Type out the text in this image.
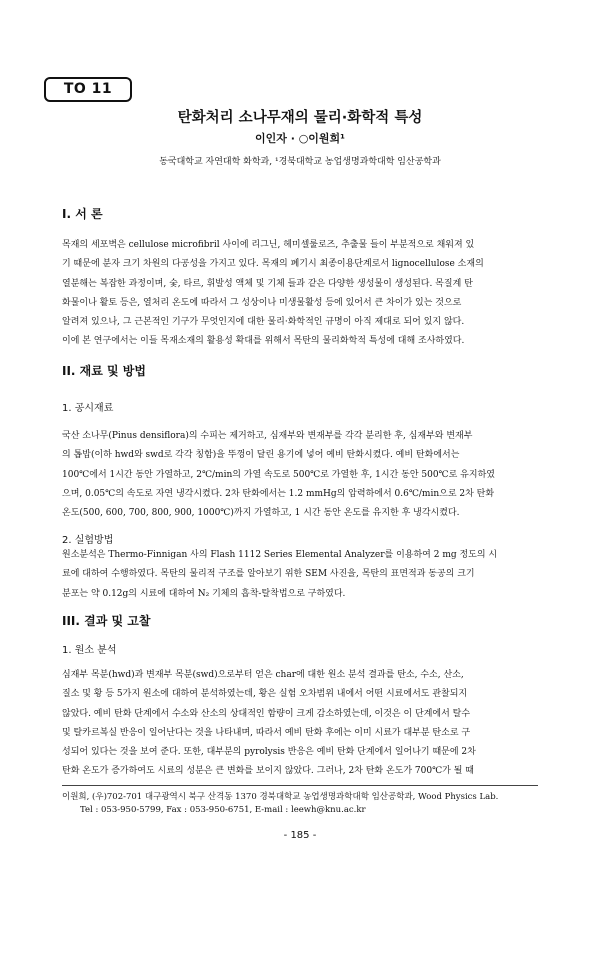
TO 11
탄화처리 소나무재의 물리·화학적 특성
이인자 · ○이원희¹
동국대학교 자연대학 화학과, ¹경북대학교 농업생명과학대학 임산공학과
I. 서 론

목재의 세포벽은 cellulose microfibril 사이에 리그닌, 헤미셀룰로즈, 추출물 들이 부분적으로 채워져 있

기 때문에 분자 크기 차원의 다공성을 가지고 있다. 목재의 폐기시 최종이용단계로서 lignocellulose 소재의

열분해는 복잡한 과정이며, 숯, 타르, 휘발성 액체 및 기체 들과 같은 다양한 생성물이 생성된다. 목질계 탄

화물이나 활토 등은, 열처리 온도에 따라서 그 성상이나 미생물활성 등에 있어서 큰 차이가 있는 것으로

알려져 있으나, 그 근본적인 기구가 무엇인지에 대한 물리·화학적인 규명이 아직 제대로 되어 있지 않다.

이에 본 연구에서는 이들 목재소재의 활용성 확대를 위해서 목탄의 물리화학적 특성에 대해 조사하였다.

II. 재료 및 방법
1. 공시재료

국산 소나무(Pinus densiflora)의 수피는 제거하고, 심재부와 변재부를 각각 분리한 후, 심재부와 변재부

의 톱밥(이하 hwd와 swd로 각각 칭함)을 뚜껑이 달린 용기에 넣어 예비 탄화시켰다. 예비 탄화에서는

100℃에서 1시간 동안 가열하고, 2℃/min의 가열 속도로 500℃로 가열한 후, 1시간 동안 500℃로 유지하였

으며, 0.05℃의 속도로 자연 냉각시켰다. 2차 탄화에서는 1.2 mmHg의 압력하에서 0.6℃/min으로 2차 탄화

온도(500, 600, 700, 800, 900, 1000℃)까지 가열하고, 1 시간 동안 온도를 유지한 후 냉각시켰다.

2. 실험방법

원소분석은 Thermo-Finnigan 사의 Flash 1112 Series Elemental Analyzer를 이용하여 2 mg 정도의 시

료에 대하여 수행하였다. 목탄의 물리적 구조를 알아보기 위한 SEM 사진을, 목탄의 표면적과 동공의 크기

분포는 약 0.12g의 시료에 대하여 N₂ 기체의 흡착-탈착법으로 구하였다.

III. 결과 및 고찰
1. 원소 분석

심재부 목분(hwd)과 변재부 목분(swd)으로부터 얻은 char에 대한 원소 분석 결과를 탄소, 수소, 산소,

질소 및 황 등 5가지 원소에 대하여 분석하였는데, 황은 실험 오차범위 내에서 어떤 시료에서도 관찰되지

않았다. 예비 탄화 단계에서 수소와 산소의 상대적인 함량이 크게 감소하였는데, 이것은 이 단계에서 탈수

및 탈카르복실 반응이 일어난다는 것을 나타내며, 따라서 예비 탄화 후에는 이미 시료가 대부분 탄소로 구

성되어 있다는 것을 보여 준다. 또한, 대부분의 pyrolysis 반응은 예비 탄화 단계에서 일어나기 때문에 2차

탄화 온도가 증가하여도 시료의 성분은 큰 변화를 보이지 않았다. 그러나, 2차 탄화 온도가 700℃가 될 때

이원희, (우)702-701 대구광역시 북구 산격동 1370 경북대학교 농업생명과학대학 임산공학과, Wood Physics Lab.
Tel : 053-950-5799, Fax : 053-950-6751, E-mail : leewh@knu.ac.kr
- 185 -
